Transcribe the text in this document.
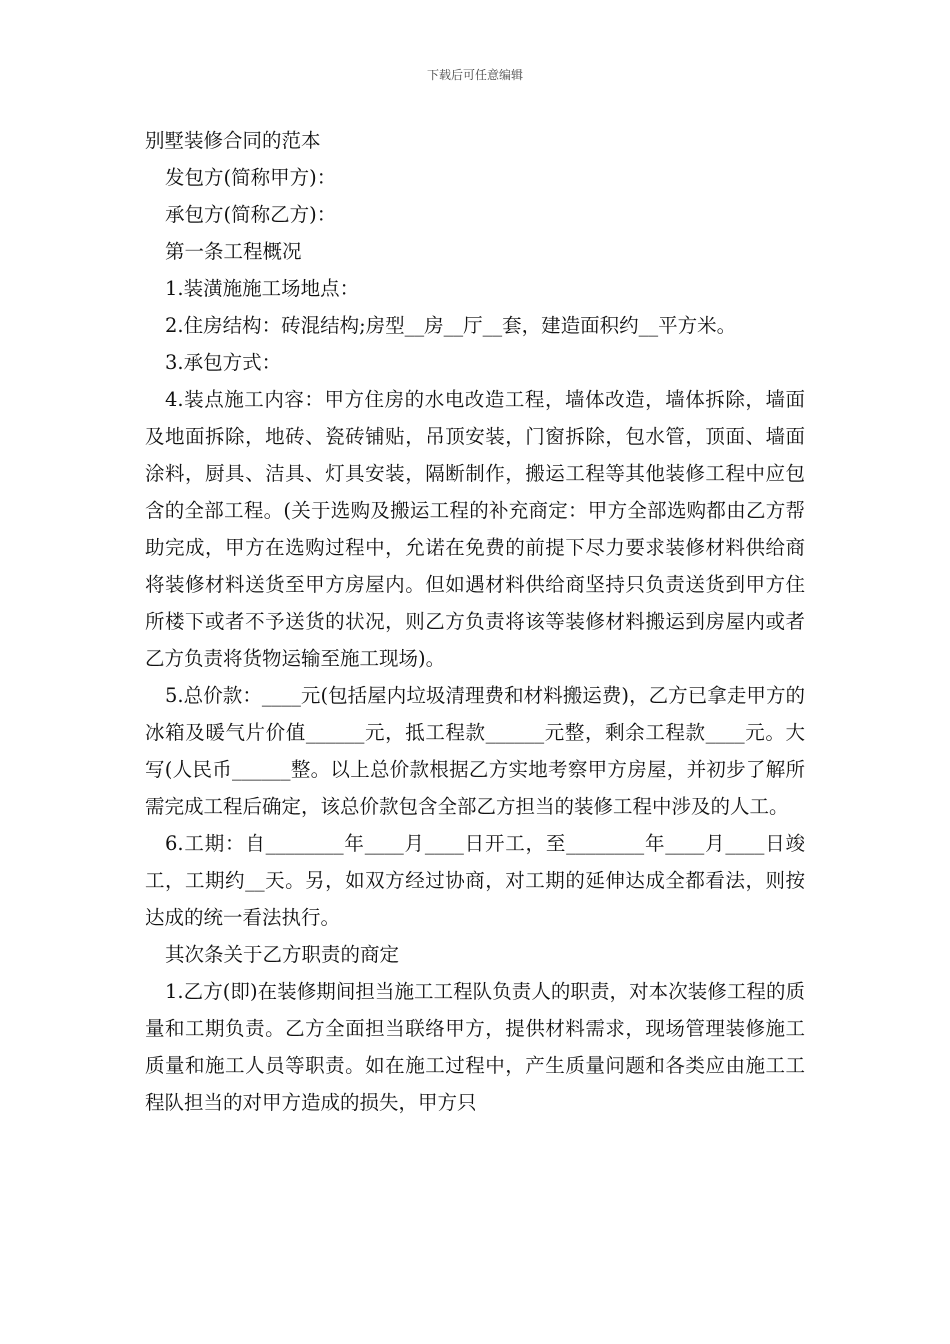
下载后可任意编辑

别墅装修合同的范本

发包方(简称甲方)：

承包方(简称乙方)：

第一条工程概况

1.装潢施施工场地点：

2.住房结构：砖混结构;房型__房__厅__套，建造面积约__平方米。

3.承包方式：

4.装点施工内容：甲方住房的水电改造工程，墙体改造，墙体拆除，墙面及地面拆除，地砖、瓷砖铺贴，吊顶安装，门窗拆除，包水管，顶面、墙面涂料，厨具、洁具、灯具安装，隔断制作，搬运工程等其他装修工程中应包含的全部工程。(关于选购及搬运工程的补充商定：甲方全部选购都由乙方帮助完成，甲方在选购过程中，允诺在免费的前提下尽力要求装修材料供给商将装修材料送货至甲方房屋内。但如遇材料供给商坚持只负责送货到甲方住所楼下或者不予送货的状况，则乙方负责将该等装修材料搬运到房屋内或者乙方负责将货物运输至施工现场)。

5.总价款：____元(包括屋内垃圾清理费和材料搬运费)，乙方已拿走甲方的冰箱及暖气片价值______元，抵工程款______元整，剩余工程款____元。大写(人民币______整。以上总价款根据乙方实地考察甲方房屋，并初步了解所需完成工程后确定，该总价款包含全部乙方担当的装修工程中涉及的人工。

6.工期：自________年____月____日开工，至________年____月____日竣工，工期约__天。另，如双方经过协商，对工期的延伸达成全都看法，则按达成的统一看法执行。

其次条关于乙方职责的商定

1.乙方(即)在装修期间担当施工工程队负责人的职责，对本次装修工程的质量和工期负责。乙方全面担当联络甲方，提供材料需求，现场管理装修施工质量和施工人员等职责。如在施工过程中，产生质量问题和各类应由施工工程队担当的对甲方造成的损失，甲方只
